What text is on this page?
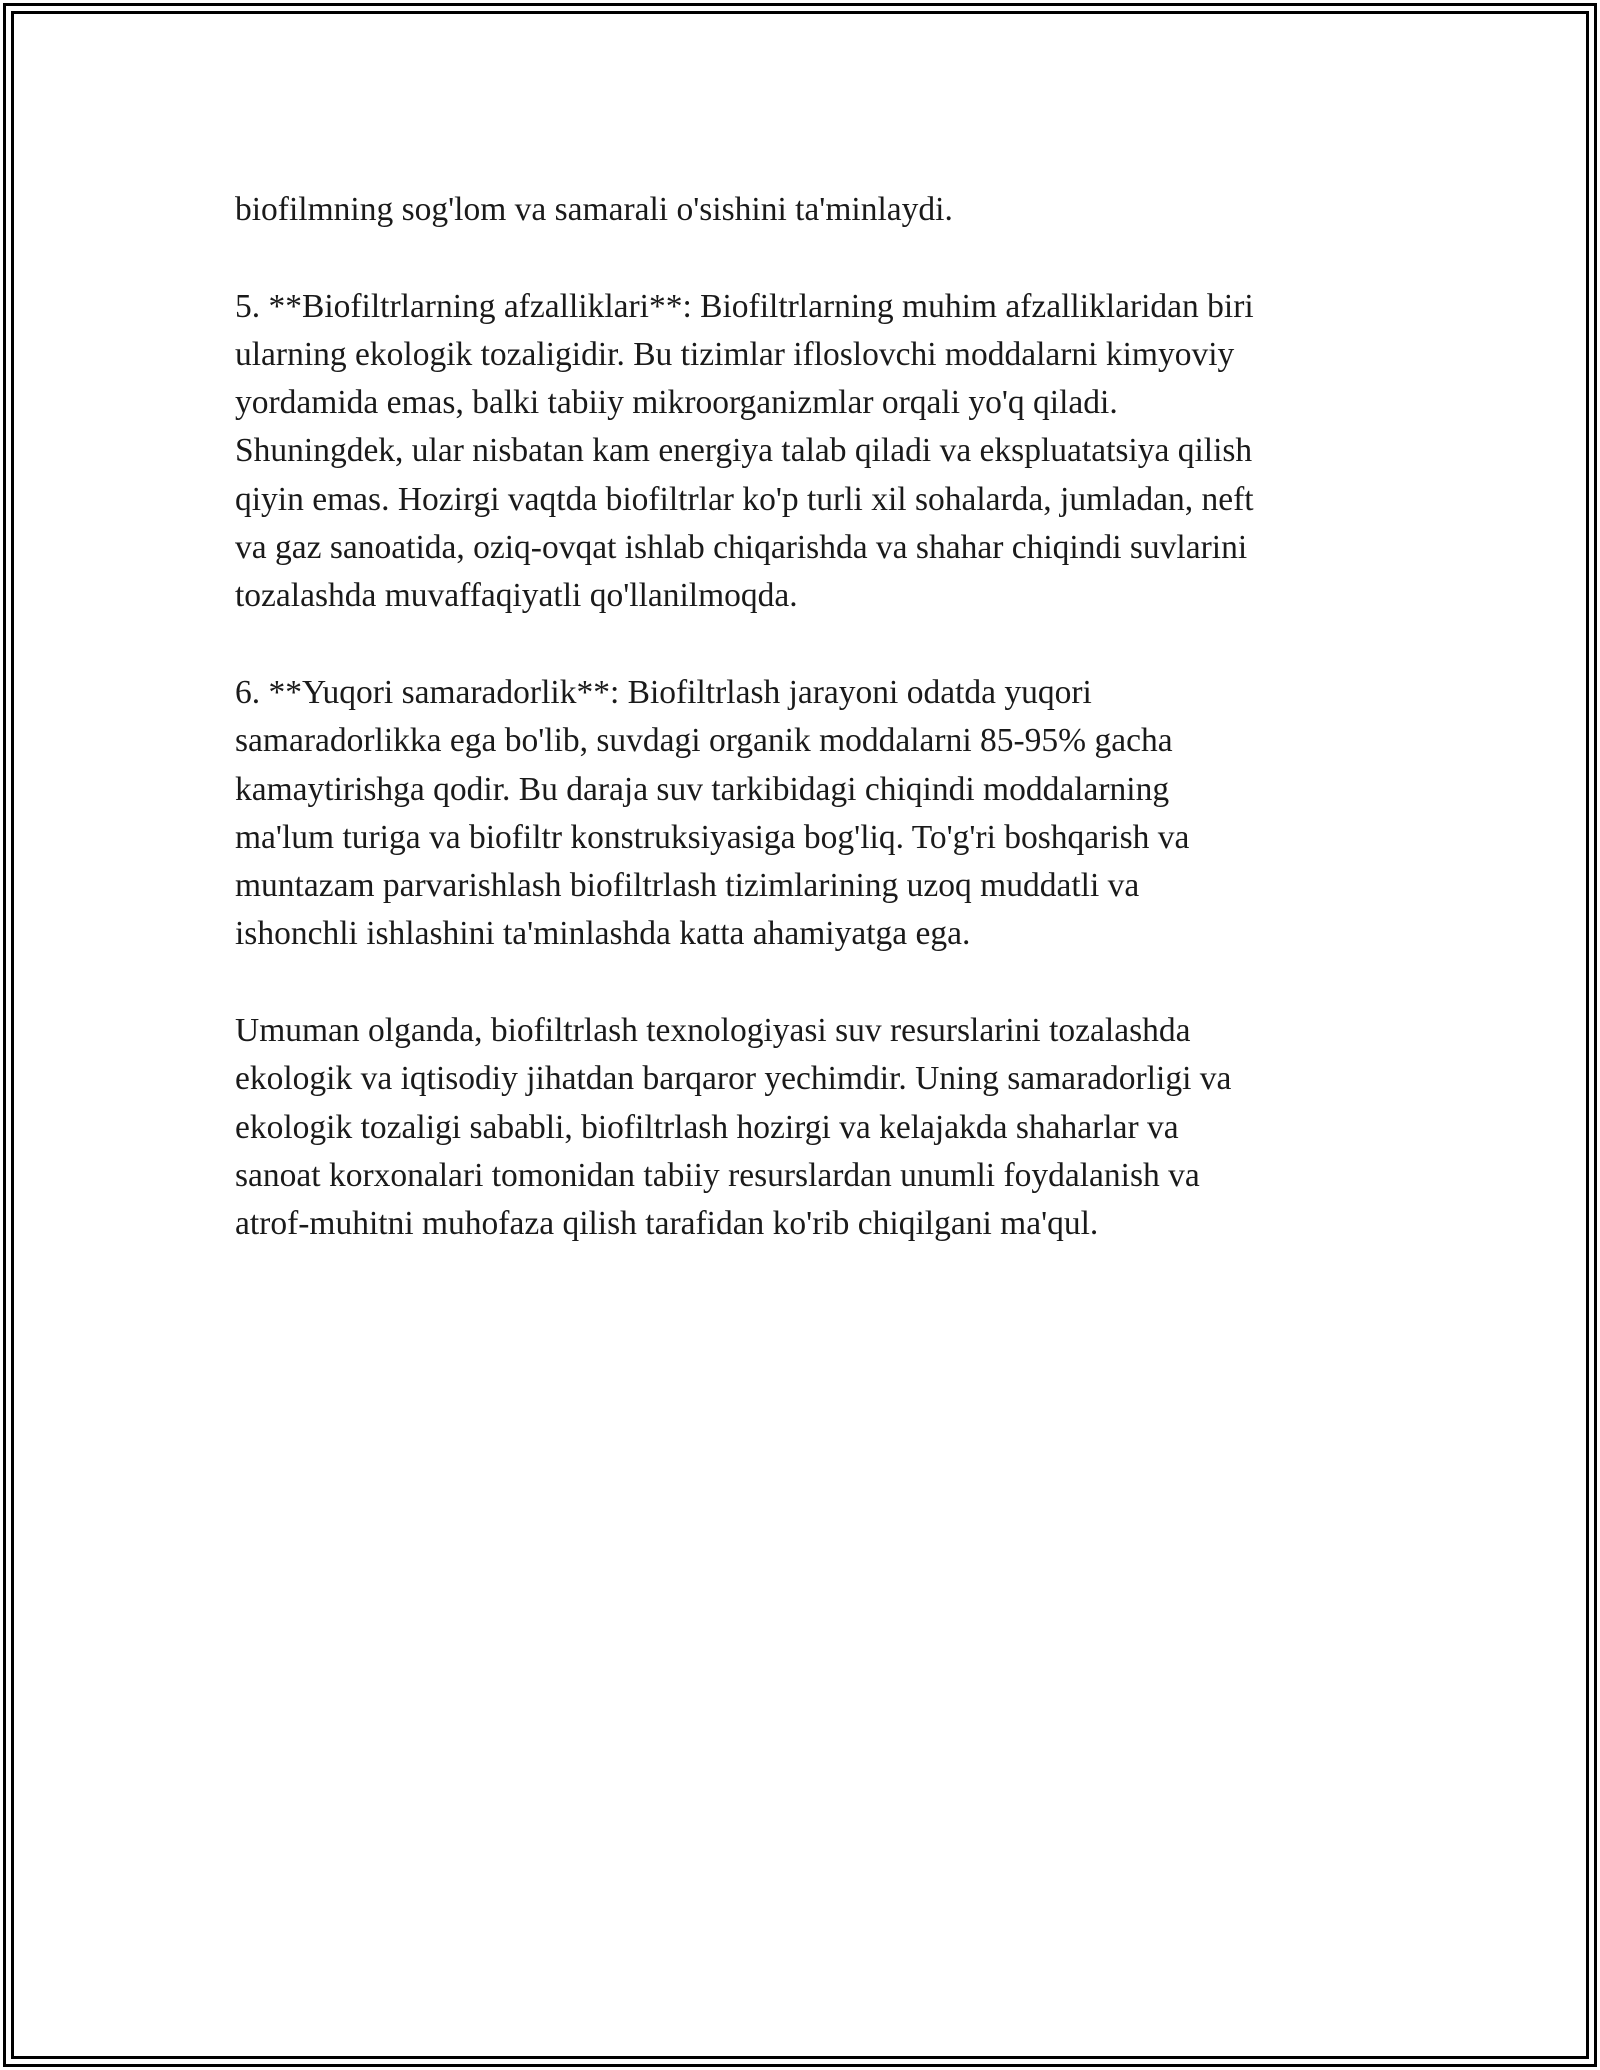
biofilmning sog'lom va samarali o'sishini ta'minlaydi.

5. **Biofiltrlarning afzalliklari**: Biofiltrlarning muhim afzalliklaridan biri
ularning ekologik tozaligidir. Bu tizimlar ifloslovchi moddalarni kimyoviy
yordamida emas, balki tabiiy mikroorganizmlar orqali yo'q qiladi.
Shuningdek, ular nisbatan kam energiya talab qiladi va ekspluatatsiya qilish
qiyin emas. Hozirgi vaqtda biofiltrlar ko'p turli xil sohalarda, jumladan, neft
va gaz sanoatida, oziq-ovqat ishlab chiqarishda va shahar chiqindi suvlarini
tozalashda muvaffaqiyatli qo'llanilmoqda.

6. **Yuqori samaradorlik**: Biofiltrlash jarayoni odatda yuqori
samaradorlikka ega bo'lib, suvdagi organik moddalarni 85-95% gacha
kamaytirishga qodir. Bu daraja suv tarkibidagi chiqindi moddalarning
ma'lum turiga va biofiltr konstruksiyasiga bog'liq. To'g'ri boshqarish va
muntazam parvarishlash biofiltrlash tizimlarining uzoq muddatli va
ishonchli ishlashini ta'minlashda katta ahamiyatga ega.

Umuman olganda, biofiltrlash texnologiyasi suv resurslarini tozalashda
ekologik va iqtisodiy jihatdan barqaror yechimdir. Uning samaradorligi va
ekologik tozaligi sababli, biofiltrlash hozirgi va kelajakda shaharlar va
sanoat korxonalari tomonidan tabiiy resurslardan unumli foydalanish va
atrof-muhitni muhofaza qilish tarafidan ko'rib chiqilgani ma'qul.
